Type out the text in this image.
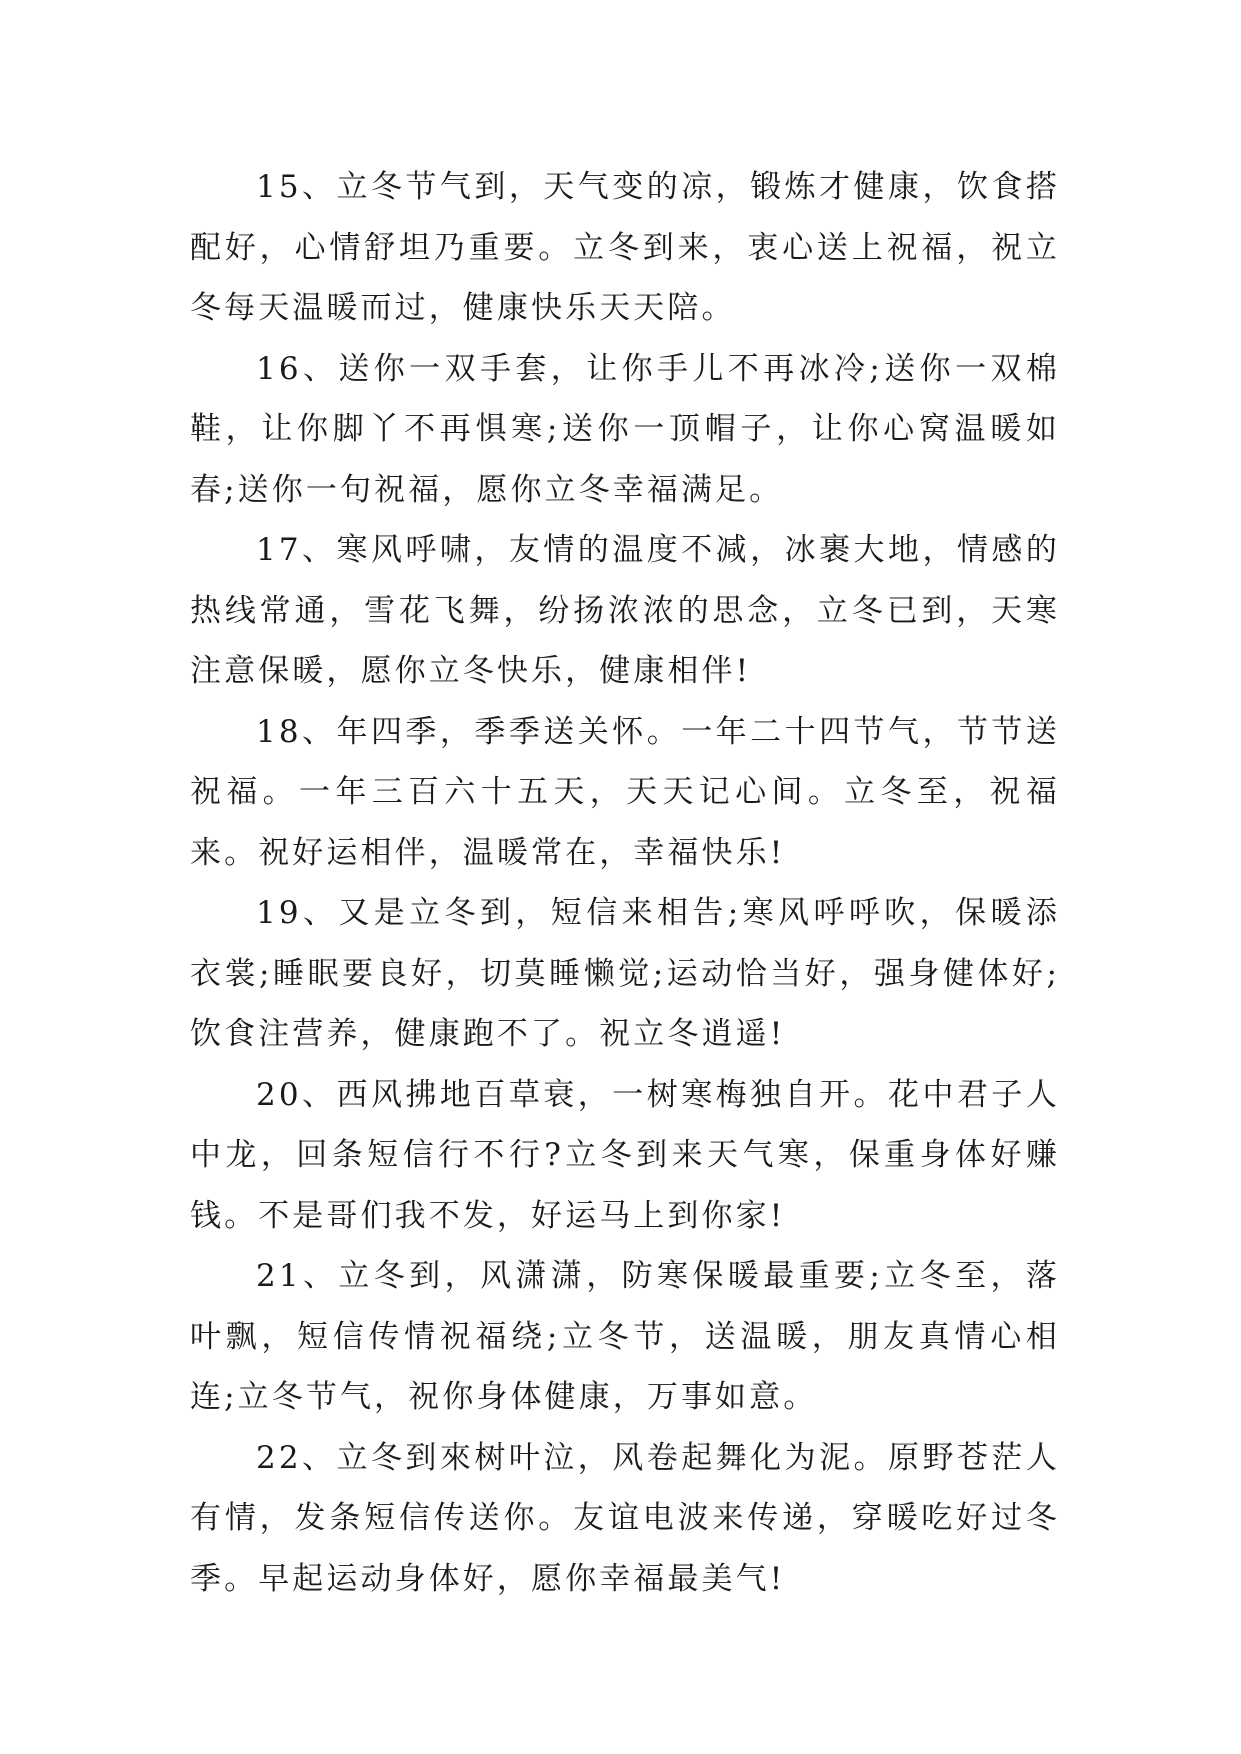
15、立冬节气到，天气变的凉，锻炼才健康，饮食搭配好，心情舒坦乃重要。立冬到来，衷心送上祝福，祝立冬每天温暖而过，健康快乐天天陪。

16、送你一双手套，让你手儿不再冰冷;送你一双棉鞋，让你脚丫不再惧寒;送你一顶帽子，让你心窝温暖如春;送你一句祝福，愿你立冬幸福满足。

17、寒风呼啸，友情的温度不减，冰裹大地，情感的热线常通，雪花飞舞，纷扬浓浓的思念，立冬已到，天寒注意保暖，愿你立冬快乐，健康相伴!

18、年四季，季季送关怀。一年二十四节气，节节送祝福。一年三百六十五天，天天记心间。立冬至，祝福来。祝好运相伴，温暖常在，幸福快乐!

19、又是立冬到，短信来相告;寒风呼呼吹，保暖添衣裳;睡眠要良好，切莫睡懒觉;运动恰当好，强身健体好;饮食注营养，健康跑不了。祝立冬逍遥!

20、西风拂地百草衰，一树寒梅独自开。花中君子人中龙，回条短信行不行?立冬到来天气寒，保重身体好赚钱。不是哥们我不发，好运马上到你家!

21、立冬到，风潇潇，防寒保暖最重要;立冬至，落叶飘，短信传情祝福绕;立冬节，送温暖，朋友真情心相连;立冬节气，祝你身体健康，万事如意。

22、立冬到來树叶泣，风卷起舞化为泥。原野苍茫人有情，发条短信传送你。友谊电波来传递，穿暖吃好过冬季。早起运动身体好，愿你幸福最美气!
